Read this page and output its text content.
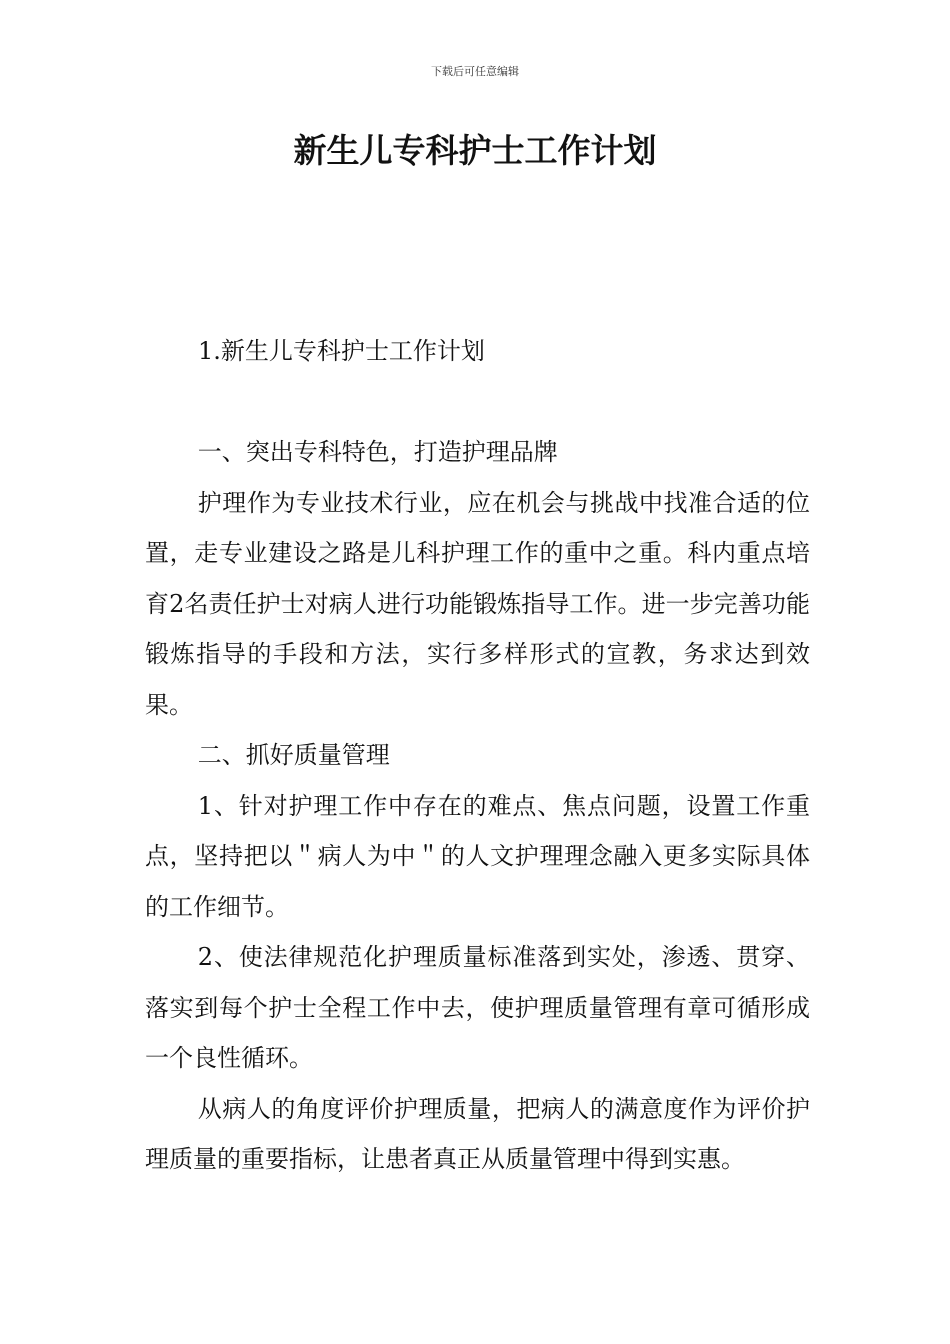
下载后可任意编辑
新生儿专科护士工作计划
1.新生儿专科护士工作计划

一、突出专科特色，打造护理品牌

护理作为专业技术行业，应在机会与挑战中找准合适的位置，走专业建设之路是儿科护理工作的重中之重。科内重点培育2名责任护士对病人进行功能锻炼指导工作。进一步完善功能锻炼指导的手段和方法，实行多样形式的宣教，务求达到效果。

二、抓好质量管理

1、针对护理工作中存在的难点、焦点问题，设置工作重点，坚持把以＂病人为中＂的人文护理理念融入更多实际具体的工作细节。

2、使法律规范化护理质量标准落到实处，渗透、贯穿、落实到每个护士全程工作中去，使护理质量管理有章可循形成一个良性循环。

从病人的角度评价护理质量，把病人的满意度作为评价护理质量的重要指标，让患者真正从质量管理中得到实惠。
